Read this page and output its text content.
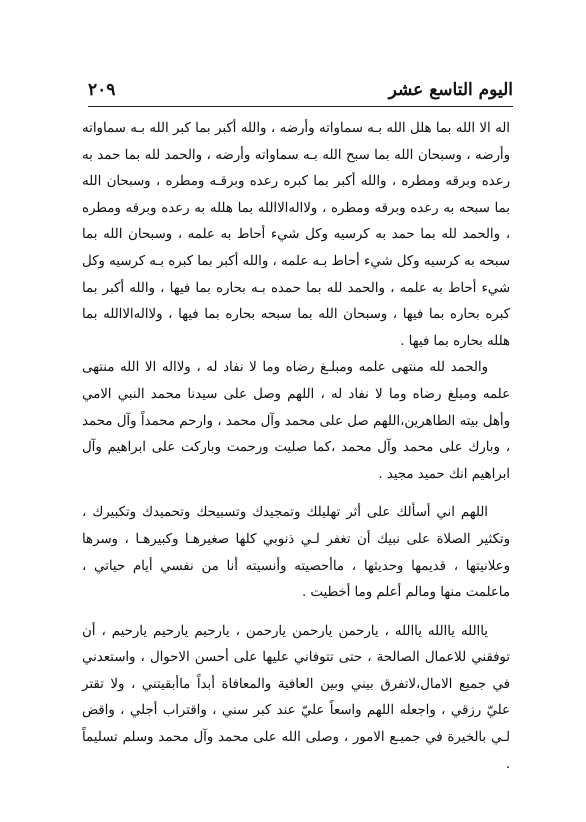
اليوم التاسع عشر
٢٠٩

اله الا الله بما هلل الله بـه سماواته وأرضه ، والله أكبر بما كبر الله بـه سماواته وأرضه ، وسبحان الله بما سبح الله بـه سماواته وأرضه ، والحمد لله بما حمد به رعده وبرقه ومطره ، والله أكبر بما كبره رعده وبرقـه ومطره ، وسبحان الله بما سبحه به رعده وبرقه ومطره ، ولااله‌الاالله بما هلله به رعده وبرقه ومطره ، والحمد لله بما حمد به كرسيه وكل شيء أحاط به علمه ، وسبحان الله بما سبحه به كرسيه وكل شيء أحاط بـه علمه ، والله أكبر بما كبره بـه كرسيه وكل شيء أحاط به علمه ، والحمد لله بما حمده بـه بحاره بما فيها ، والله أكبر بما كبره بحاره بما فيها ، وسبحان الله بما سبحه بحاره بما فيها ، ولااله‌الاالله بما هلله بحاره بما فيها .

والحمد لله منتهى علمه ومبلـغ رضاه وما لا نفاد له ، ولااله الا الله منتهى علمه ومبلغ رضاه وما لا نفاد له ، اللهم وصل على سيدنا محمد النبي الامي وأهل بيته الطاهرين،اللهم صل على محمد وآل محمد ، وارحم محمداً وآل محمد ، وبارك على محمد وآل محمد ،كما صليت ورحمت وباركت على ابراهيم وآل ابراهيم انك حميد مجيد .

اللهم اني أسألك على أثر تهليلك وتمجيدك وتسبيحك وتحميدك وتكبيرك ، وتكثير الصلاة على نبيك أن تغفر لـي ذنوبي كلها صغيرهـا وكبيرهـا ، وسرها وعلانيتها ، قديمها وحديثها ، ماأحصيته وأنسيته أنا من نفسي أيام حياتي ، ماعلمت منها ومالم أعلم وما أخطيت .

ياالله ياالله ياالله ، يارحمن يارحمن يارحمن ، يارحيم يارحيم يارحيم ، أن توفقني للاعمال الصالحة ، حتى تتوفاني عليها على أحسن الاحوال ، واستعدني في جميع الامال،لاتفرق بيني وبين العافية والمعافاة أبداً ماأبقيتني ، ولا تقتر عليّ رزقي ، واجعله اللهم واسعاً عليّ عند كبر سني ، واقتراب أجلي ، واقض لـي بالخيرة في جميـع الامور ، وصلى الله على محمد وآل محمد وسلم تسليماً .
